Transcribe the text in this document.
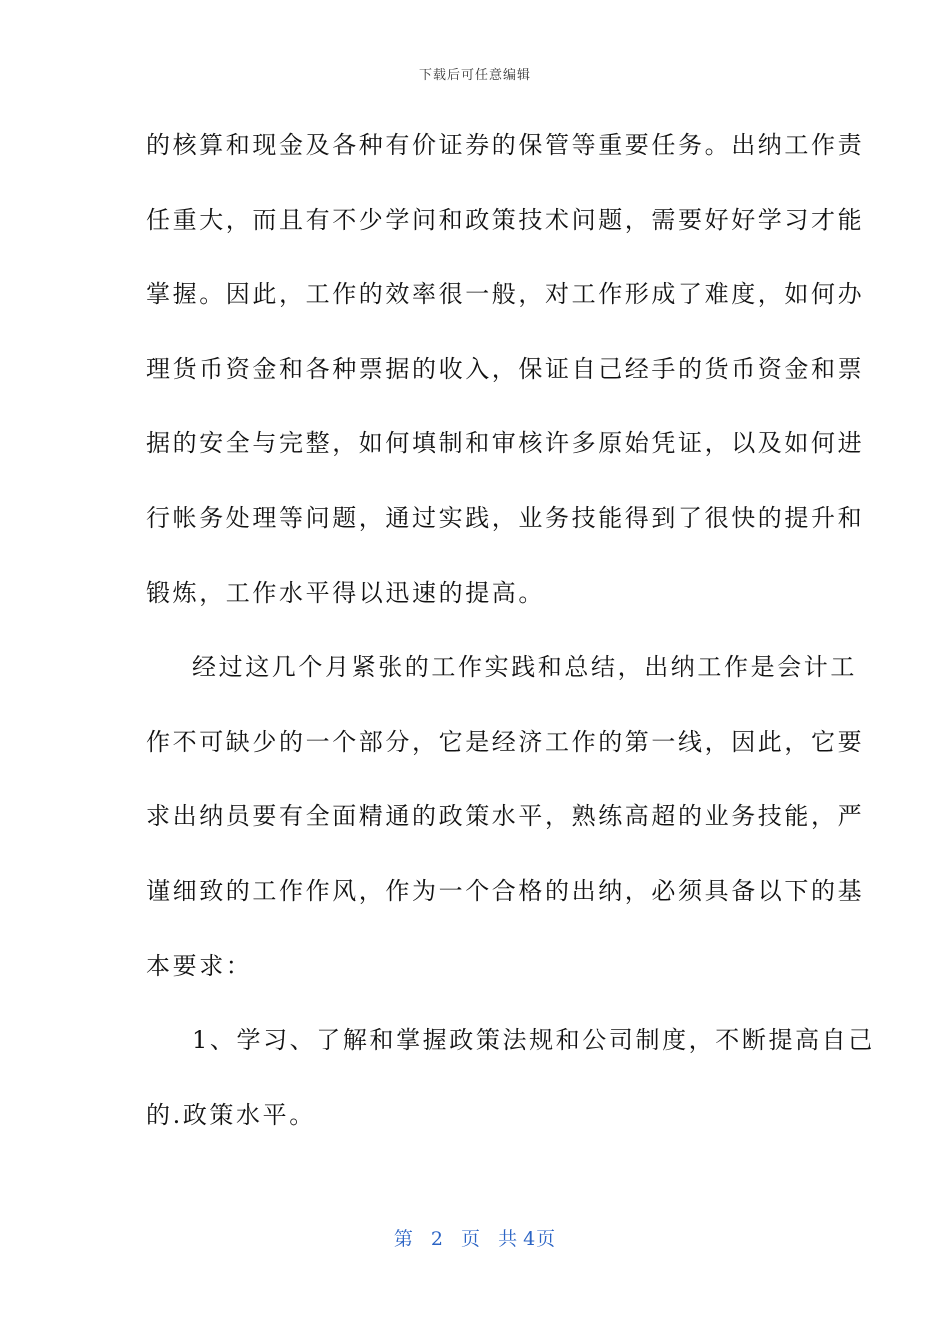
下载后可任意编辑
的核算和现金及各种有价证券的保管等重要任务。出纳工作责
任重大，而且有不少学问和政策技术问题，需要好好学习才能
掌握。因此，工作的效率很一般，对工作形成了难度，如何办
理货币资金和各种票据的收入，保证自己经手的货币资金和票
据的安全与完整，如何填制和审核许多原始凭证，以及如何进
行帐务处理等问题，通过实践，业务技能得到了很快的提升和
锻炼，工作水平得以迅速的提高。
经过这几个月紧张的工作实践和总结，出纳工作是会计工
作不可缺少的一个部分，它是经济工作的第一线，因此，它要
求出纳员要有全面精通的政策水平，熟练高超的业务技能，严
谨细致的工作作风，作为一个合格的出纳，必须具备以下的基
本要求：
1、学习、了解和掌握政策法规和公司制度，不断提高自己
的.政策水平。
第 2 页 共 4页
